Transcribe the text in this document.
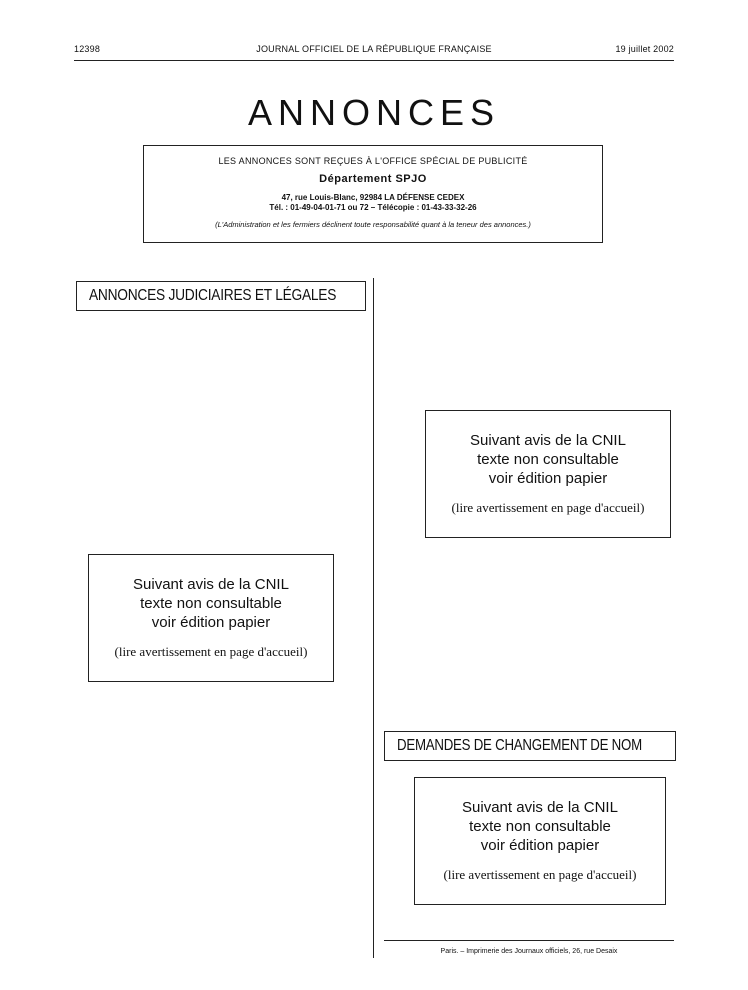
12398	JOURNAL OFFICIEL DE LA RÉPUBLIQUE FRANÇAISE	19 juillet 2002
ANNONCES
LES ANNONCES SONT REÇUES À L'OFFICE SPÉCIAL DE PUBLICITÉ
Département SPJO
47, rue Louis-Blanc, 92984 LA DÉFENSE CEDEX
Tél. : 01-49-04-01-71 ou 72 – Télécopie : 01-43-33-32-26
(L'Administration et les fermiers déclinent toute responsabilité quant à la teneur des annonces.)
ANNONCES JUDICIAIRES ET LÉGALES
Suivant avis de la CNIL
texte non consultable
voir édition papier
(lire avertissement en page d'accueil)
Suivant avis de la CNIL
texte non consultable
voir édition papier
(lire avertissement en page d'accueil)
DEMANDES DE CHANGEMENT DE NOM
Suivant avis de la CNIL
texte non consultable
voir édition papier
(lire avertissement en page d'accueil)
Paris. – Imprimerie des Journaux officiels, 26, rue Desaix
